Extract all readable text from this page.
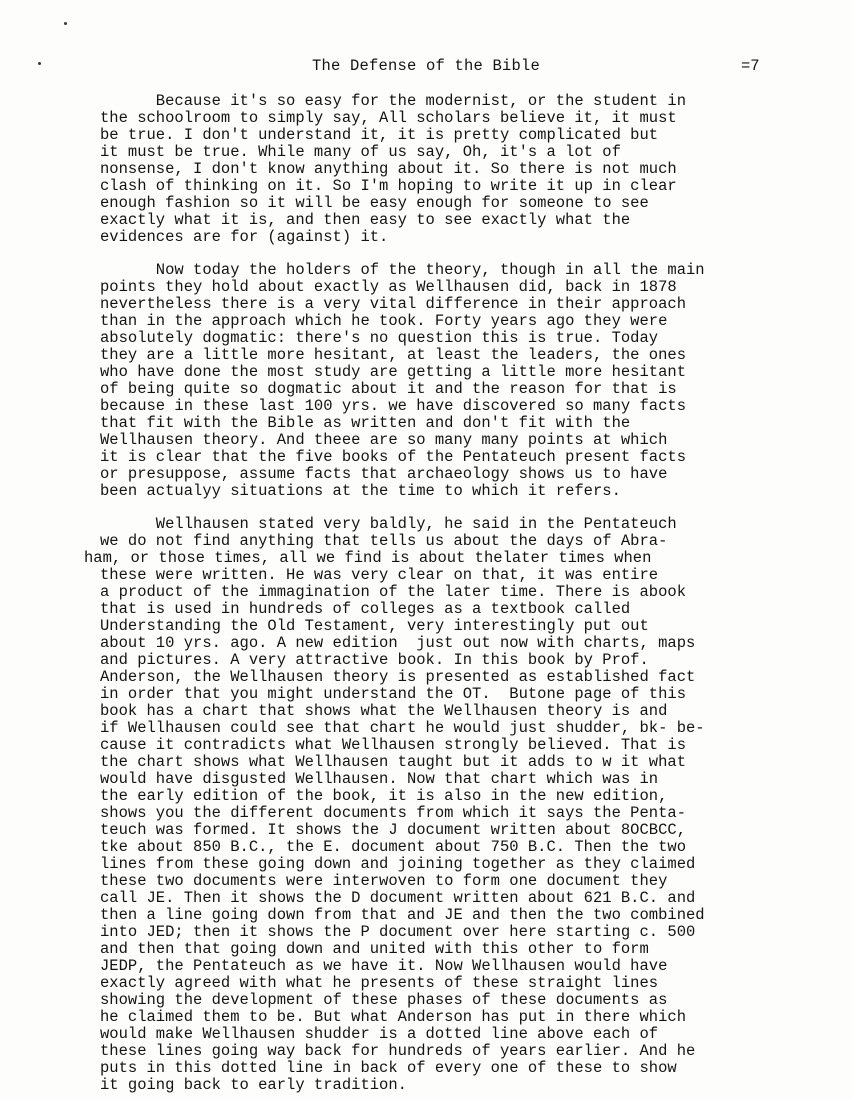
The Defense of the Bible	=7
Because it's so easy for the modernist, or the student in
the schoolroom to simply say, All scholars believe it, it must
be true. I don't understand it, it is pretty complicated but
it must be true. While many of us say, Oh, it's a lot of
nonsense, I don't know anything about it. So there is not much
clash of thinking on it. So I'm hoping to write it up in clear
enough fashion so it will be easy enough for someone to see
exactly what it is, and then easy to see exactly what the
evidences are for (against) it.
Now today the holders of the theory, though in all the main
points they hold about exactly as Wellhausen did, back in 1878
nevertheless there is a very vital difference in their approach
than in the approach which he took. Forty years ago they were
absolutely dogmatic: there's no question this is true. Today
they are a little more hesitant, at least the leaders, the ones
who have done the most study are getting a little more hesitant
of being quite so dogmatic about it and the reason for that is
because in these last 100 yrs. we have discovered so many facts
that fit with the Bible as written and don't fit with the
Wellhausen theory. And theee are so many many points at which
it is clear that the five books of the Pentateuch present facts
or presuppose, assume facts that archaeology shows us to have
been actualyy situations at the time to which it refers.
Wellhausen stated very baldly, he said in the Pentateuch
we do not find anything that tells us about the days of Abra-
ham, or those times, all we find is about thelater times when
these were written. He was very clear on that, it was entire
a product of the immagination of the later time. There is abook
that is used in hundreds of colleges as a textbook called
Understanding the Old Testament, very interestingly put out
about 10 yrs. ago. A new edition  just out now with charts, maps
and pictures. A very attractive book. In this book by Prof.
Anderson, the Wellhausen theory is presented as established fact
in order that you might understand the OT.  Butone page of this
book has a chart that shows what the Wellhausen theory is and
if Wellhausen could see that chart he would just shudder, bk- be-
cause it contradicts what Wellhausen strongly believed. That is
the chart shows what Wellhausen taught but it adds to w it what
would have disgusted Wellhausen. Now that chart which was in
the early edition of the book, it is also in the new edition,
shows you the different documents from which it says the Penta-
teuch was formed. It shows the J document written about 8OCBCC,
tke about 850 B.C., the E. document about 750 B.C. Then the two
lines from these going down and joining together as they claimed
these two documents were interwoven to form one document they
call JE. Then it shows the D document written about 621 B.C. and
then a line going down from that and JE and then the two combined
into JED; then it shows the P document over here starting c. 500
and then that going down and united with this other to form
JEDP, the Pentateuch as we have it. Now Wellhausen would have
exactly agreed with what he presents of these straight lines
showing the development of these phases of these documents as
he claimed them to be. But what Anderson has put in there which
would make Wellhausen shudder is a dotted line above each of
these lines going way back for hundreds of years earlier. And he
puts in this dotted line in back of every one of these to show
it going back to early tradition.
